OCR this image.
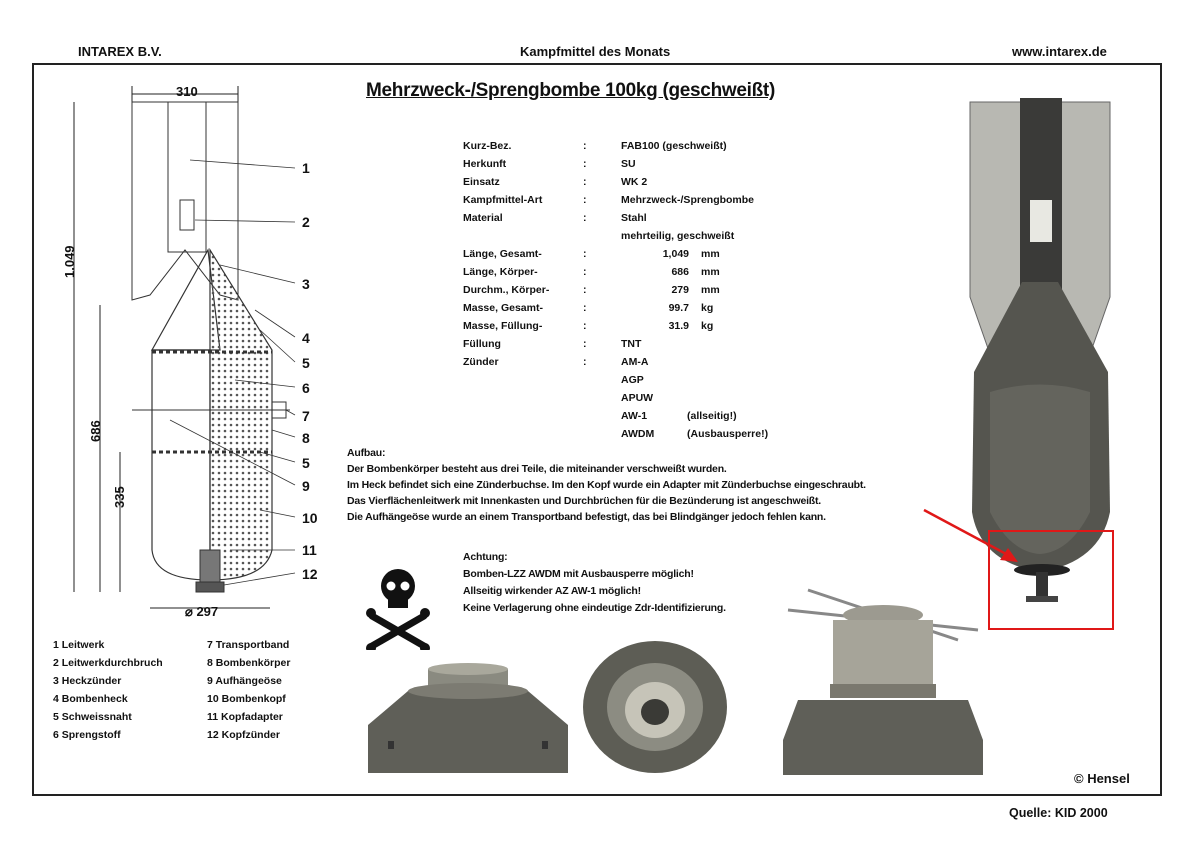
INTAREX B.V.	Kampfmittel des Monats	www.intarex.de
Mehrzweck-/Sprengbombe 100kg (geschweißt)
310
1.049
686
335
⌀ 297
1
2
3
4
5
6
7
8
5
9
10
11
12
Kurz-Bez.	:	FAB100 (geschweißt)
Herkunft	:	SU
Einsatz	:	WK 2
Kampfmittel-Art	:	Mehrzweck-/Sprengbombe
Material	:	Stahl
mehrteilig, geschweißt
Länge, Gesamt-	:	1,049 mm
Länge, Körper-	:	686 mm
Durchm., Körper-	:	279 mm
Masse, Gesamt-	:	99.7 kg
Masse, Füllung-	:	31.9 kg
Füllung	:	TNT
Zünder	:	AM-A
AGP
APUW
AW-1	(allseitig!)
AWDM	(Ausbausperre!)
Aufbau:
Der Bombenkörper besteht aus drei Teile, die miteinander verschweißt wurden.
Im Heck befindet sich eine Zünderbuchse. Im den Kopf wurde ein Adapter mit Zünderbuchse eingeschraubt.
Das Vierflächenleitwerk mit Innenkasten und Durchbrüchen für die Bezünderung ist angeschweißt.
Die Aufhängeöse wurde an einem Transportband befestigt, das bei Blindgänger jedoch fehlen kann.
Achtung:
Bomben-LZZ AWDM mit Ausbausperre möglich!
Allseitig wirkender AZ AW-1 möglich!
Keine Verlagerung ohne eindeutige Zdr-Identifizierung.
1 Leitwerk
2 Leitwerkdurchbruch
3 Heckzünder
4 Bombenheck
5 Schweissnaht
6 Sprengstoff
7 Transportband
8 Bombenkörper
9 Aufhängeöse
10 Bombenkopf
11 Kopfadapter
12 Kopfzünder
© Hensel
Quelle: KID 2000
